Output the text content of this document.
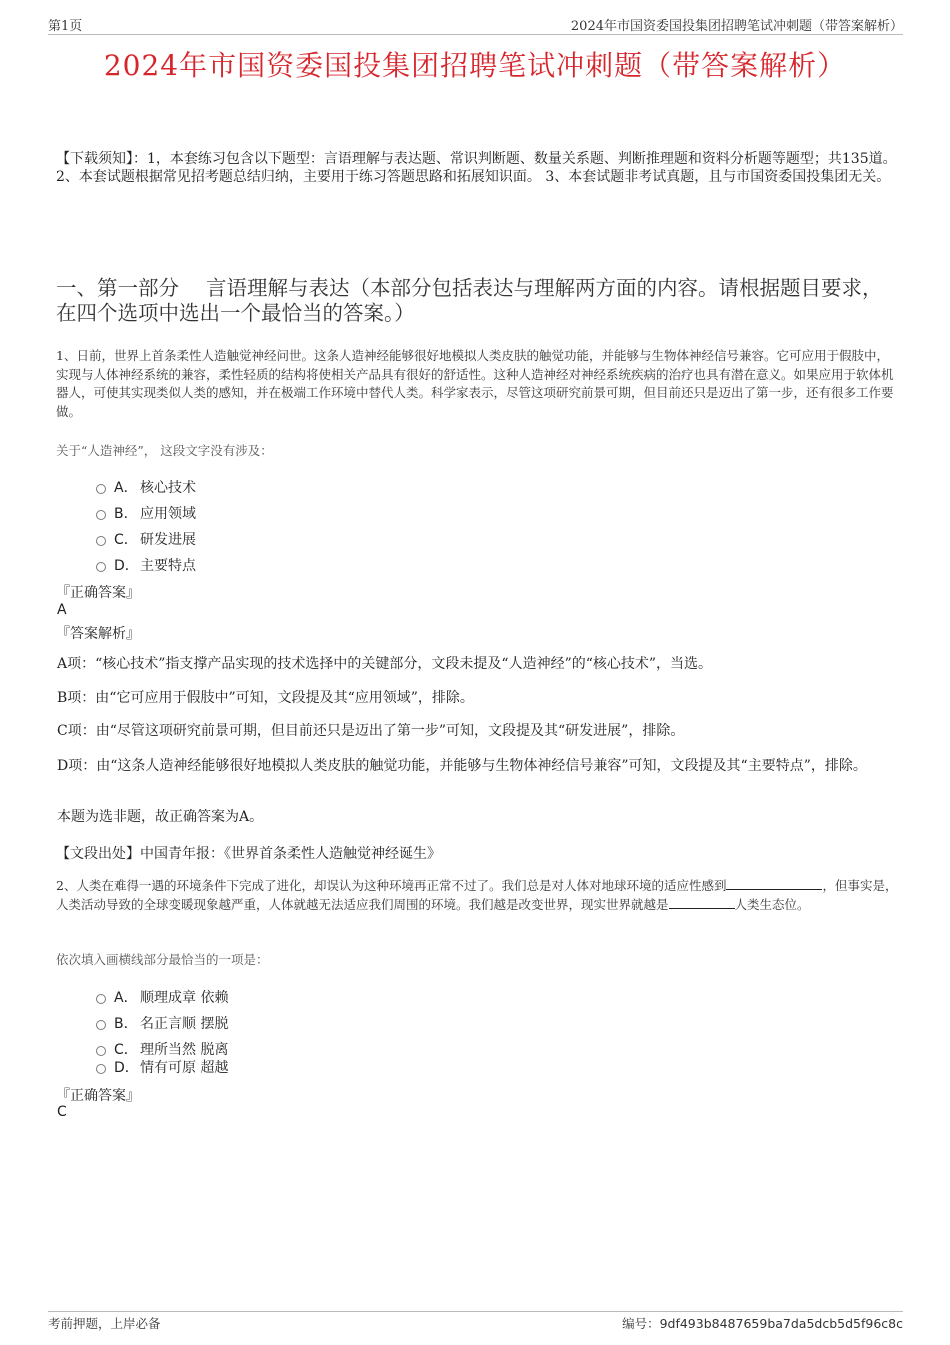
第1页	2024年市国资委国投集团招聘笔试冲刺题（带答案解析）
2024年市国资委国投集团招聘笔试冲刺题（带答案解析）
【下载须知】：1，本套练习包含以下题型：言语理解与表达题、常识判断题、数量关系题、判断推理题和资料分析题等题型；共135道。 2、本套试题根据常见招考题总结归纳，主要用于练习答题思路和拓展知识面。 3、本套试题非考试真题，且与市国资委国投集团无关。
一、第一部分　 言语理解与表达（本部分包括表达与理解两方面的内容。请根据题目要求，在四个选项中选出一个最恰当的答案。）
1、日前，世界上首条柔性人造触觉神经问世。这条人造神经能够很好地模拟人类皮肤的触觉功能，并能够与生物体神经信号兼容。它可应用于假肢中，实现与人体神经系统的兼容，柔性轻质的结构将使相关产品具有很好的舒适性。这种人造神经对神经系统疾病的治疗也具有潜在意义。如果应用于软体机器人，可使其实现类似人类的感知，并在极端工作环境中替代人类。科学家表示，尽管这项研究前景可期，但目前还只是迈出了第一步，还有很多工作要做。
关于“人造神经”， 这段文字没有涉及：
A． 核心技术
B． 应用领域
C． 研发进展
D． 主要特点
『正确答案』
A
『答案解析』
A项：“核心技术”指支撑产品实现的技术选择中的关键部分，文段未提及“人造神经”的“核心技术”，当选。
B项：由“它可应用于假肢中”可知，文段提及其“应用领域”，排除。
C项：由“尽管这项研究前景可期，但目前还只是迈出了第一步”可知，文段提及其“研发进展”，排除。
D项：由“这条人造神经能够很好地模拟人类皮肤的触觉功能，并能够与生物体神经信号兼容”可知，文段提及其“主要特点”，排除。
本题为选非题，故正确答案为A。
【文段出处】中国青年报：《世界首条柔性人造触觉神经诞生》
2、人类在难得一遇的环境条件下完成了进化，却误认为这种环境再正常不过了。我们总是对人体对地球环境的适应性感到	，但事实是，人类活动导致的全球变暖现象越严重，人体就越无法适应我们周围的环境。我们越是改变世界，现实世界就越是	人类生态位。
依次填入画横线部分最恰当的一项是：
A． 顺理成章 依赖
B． 名正言顺 摆脱
C． 理所当然 脱离
D． 情有可原 超越
『正确答案』
C
考前押题，上岸必备	编号：9df493b8487659ba7da5dcb5d5f96c8c
